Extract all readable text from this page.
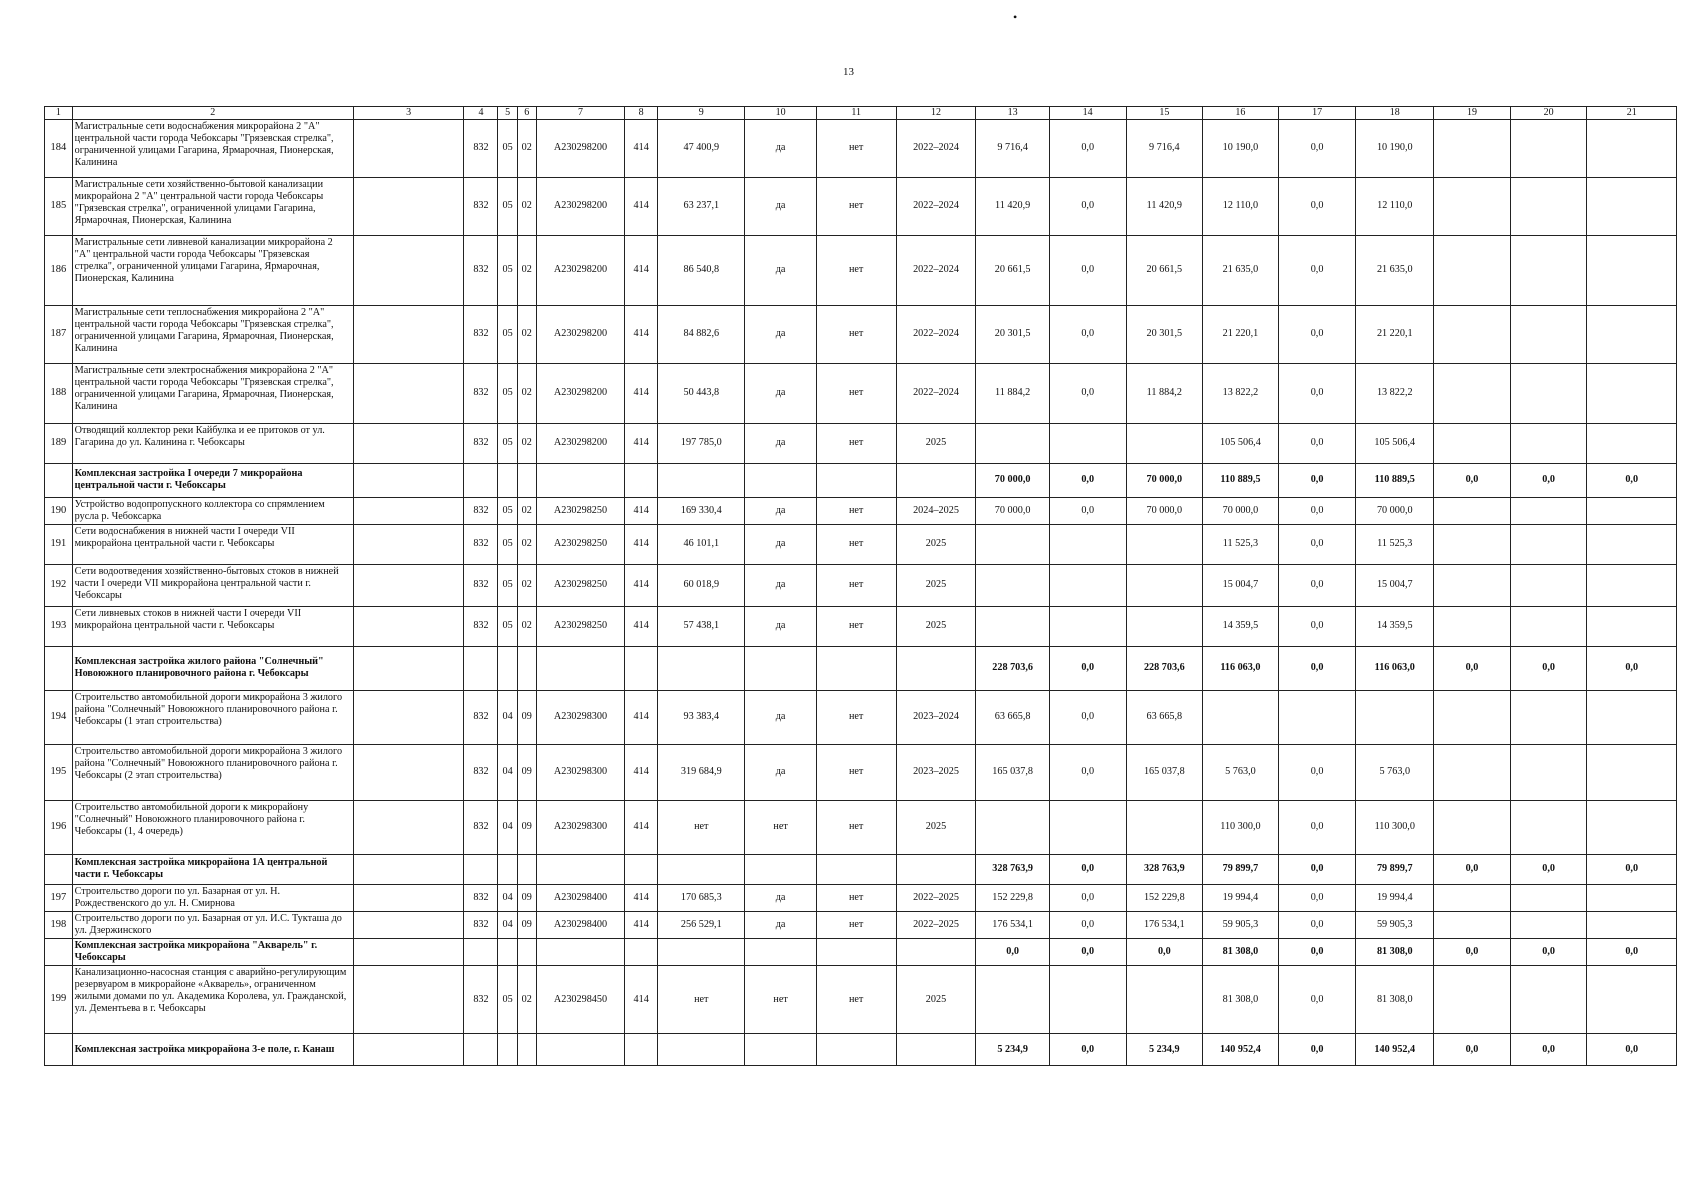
•
13
1	2	3	4	5	6	7	8	9	10	11	12	13	14	15	16	17	18	19	20	21
184	Магистральные сети водоснабжения микрорайона 2 "А" центральной части города Чебоксары "Грязевская стрелка", ограниченной улицами Гагарина, Ярмарочная, Пионерская, Калинина		832	05	02	А230298200	414	47 400,9	да	нет	2022–2024	9 716,4	0,0	9 716,4	10 190,0	0,0	10 190,0			
185	Магистральные сети хозяйственно-бытовой канализации микрорайона 2 "А" центральной части города Чебоксары "Грязевская стрелка", ограниченной улицами Гагарина, Ярмарочная, Пионерская, Калинина		832	05	02	А230298200	414	63 237,1	да	нет	2022–2024	11 420,9	0,0	11 420,9	12 110,0	0,0	12 110,0			
186	Магистральные сети ливневой канализации микрорайона 2 "А" центральной части города Чебоксары "Грязевская стрелка", ограниченной улицами Гагарина, Ярмарочная, Пионерская, Калинина		832	05	02	А230298200	414	86 540,8	да	нет	2022–2024	20 661,5	0,0	20 661,5	21 635,0	0,0	21 635,0			
187	Магистральные сети теплоснабжения микрорайона 2 "А" центральной части города Чебоксары "Грязевская стрелка", ограниченной улицами Гагарина, Ярмарочная, Пионерская, Калинина		832	05	02	А230298200	414	84 882,6	да	нет	2022–2024	20 301,5	0,0	20 301,5	21 220,1	0,0	21 220,1			
188	Магистральные сети электроснабжения микрорайона 2 "А" центральной части города Чебоксары "Грязевская стрелка", ограниченной улицами Гагарина, Ярмарочная, Пионерская, Калинина		832	05	02	А230298200	414	50 443,8	да	нет	2022–2024	11 884,2	0,0	11 884,2	13 822,2	0,0	13 822,2			
189	Отводящий коллектор реки Кайбулка и ее притоков от ул. Гагарина до ул. Калинина г. Чебоксары		832	05	02	А230298200	414	197 785,0	да	нет	2025				105 506,4	0,0	105 506,4			
	Комплексная застройка I очереди 7 микрорайона центральной части г. Чебоксары											70 000,0	0,0	70 000,0	110 889,5	0,0	110 889,5	0,0	0,0	0,0
190	Устройство водопропускного коллектора со спрямлением русла р. Чебоксарка		832	05	02	А230298250	414	169 330,4	да	нет	2024–2025	70 000,0	0,0	70 000,0	70 000,0	0,0	70 000,0			
191	Сети водоснабжения в нижней части I очереди VII микрорайона центральной части г. Чебоксары		832	05	02	А230298250	414	46 101,1	да	нет	2025				11 525,3	0,0	11 525,3			
192	Сети водоотведения хозяйственно-бытовых стоков в нижней части I очереди VII микрорайона центральной части г. Чебоксары		832	05	02	А230298250	414	60 018,9	да	нет	2025				15 004,7	0,0	15 004,7			
193	Сети ливневых стоков в нижней части I очереди VII микрорайона центральной части г. Чебоксары		832	05	02	А230298250	414	57 438,1	да	нет	2025				14 359,5	0,0	14 359,5			
	Комплексная застройка жилого района "Солнечный" Новоюжного планировочного района г. Чебоксары											228 703,6	0,0	228 703,6	116 063,0	0,0	116 063,0	0,0	0,0	0,0
194	Строительство автомобильной дороги микрорайона 3 жилого района "Солнечный" Новоюжного планировочного района г. Чебоксары (1 этап строительства)		832	04	09	А230298300	414	93 383,4	да	нет	2023–2024	63 665,8	0,0	63 665,8						
195	Строительство автомобильной дороги микрорайона 3 жилого района "Солнечный" Новоюжного планировочного района г. Чебоксары (2 этап строительства)		832	04	09	А230298300	414	319 684,9	да	нет	2023–2025	165 037,8	0,0	165 037,8	5 763,0	0,0	5 763,0			
196	Строительство автомобильной дороги к микрорайону "Солнечный" Новоюжного планировочного района г. Чебоксары (1, 4 очередь)		832	04	09	А230298300	414	нет	нет	нет	2025				110 300,0	0,0	110 300,0			
	Комплексная застройка микрорайона 1А центральной части г. Чебоксары											328 763,9	0,0	328 763,9	79 899,7	0,0	79 899,7	0,0	0,0	0,0
197	Строительство дороги по ул. Базарная от ул. Н. Рождественского до ул. Н. Смирнова		832	04	09	А230298400	414	170 685,3	да	нет	2022–2025	152 229,8	0,0	152 229,8	19 994,4	0,0	19 994,4			
198	Строительство дороги по ул. Базарная от ул. И.С. Тукташа до ул. Дзержинского		832	04	09	А230298400	414	256 529,1	да	нет	2022–2025	176 534,1	0,0	176 534,1	59 905,3	0,0	59 905,3			
	Комплексная застройка микрорайона "Акварель" г. Чебоксары											0,0	0,0	0,0	81 308,0	0,0	81 308,0	0,0	0,0	0,0
199	Канализационно-насосная станция с аварийно-регулирующим резервуаром в микрорайоне «Акварель», ограниченном жилыми домами по ул. Академика Королева, ул. Гражданской, ул. Дементьева в г. Чебоксары		832	05	02	А230298450	414	нет	нет	нет	2025				81 308,0	0,0	81 308,0			
	Комплексная застройка микрорайона 3-е поле, г. Канаш											5 234,9	0,0	5 234,9	140 952,4	0,0	140 952,4	0,0	0,0	0,0
